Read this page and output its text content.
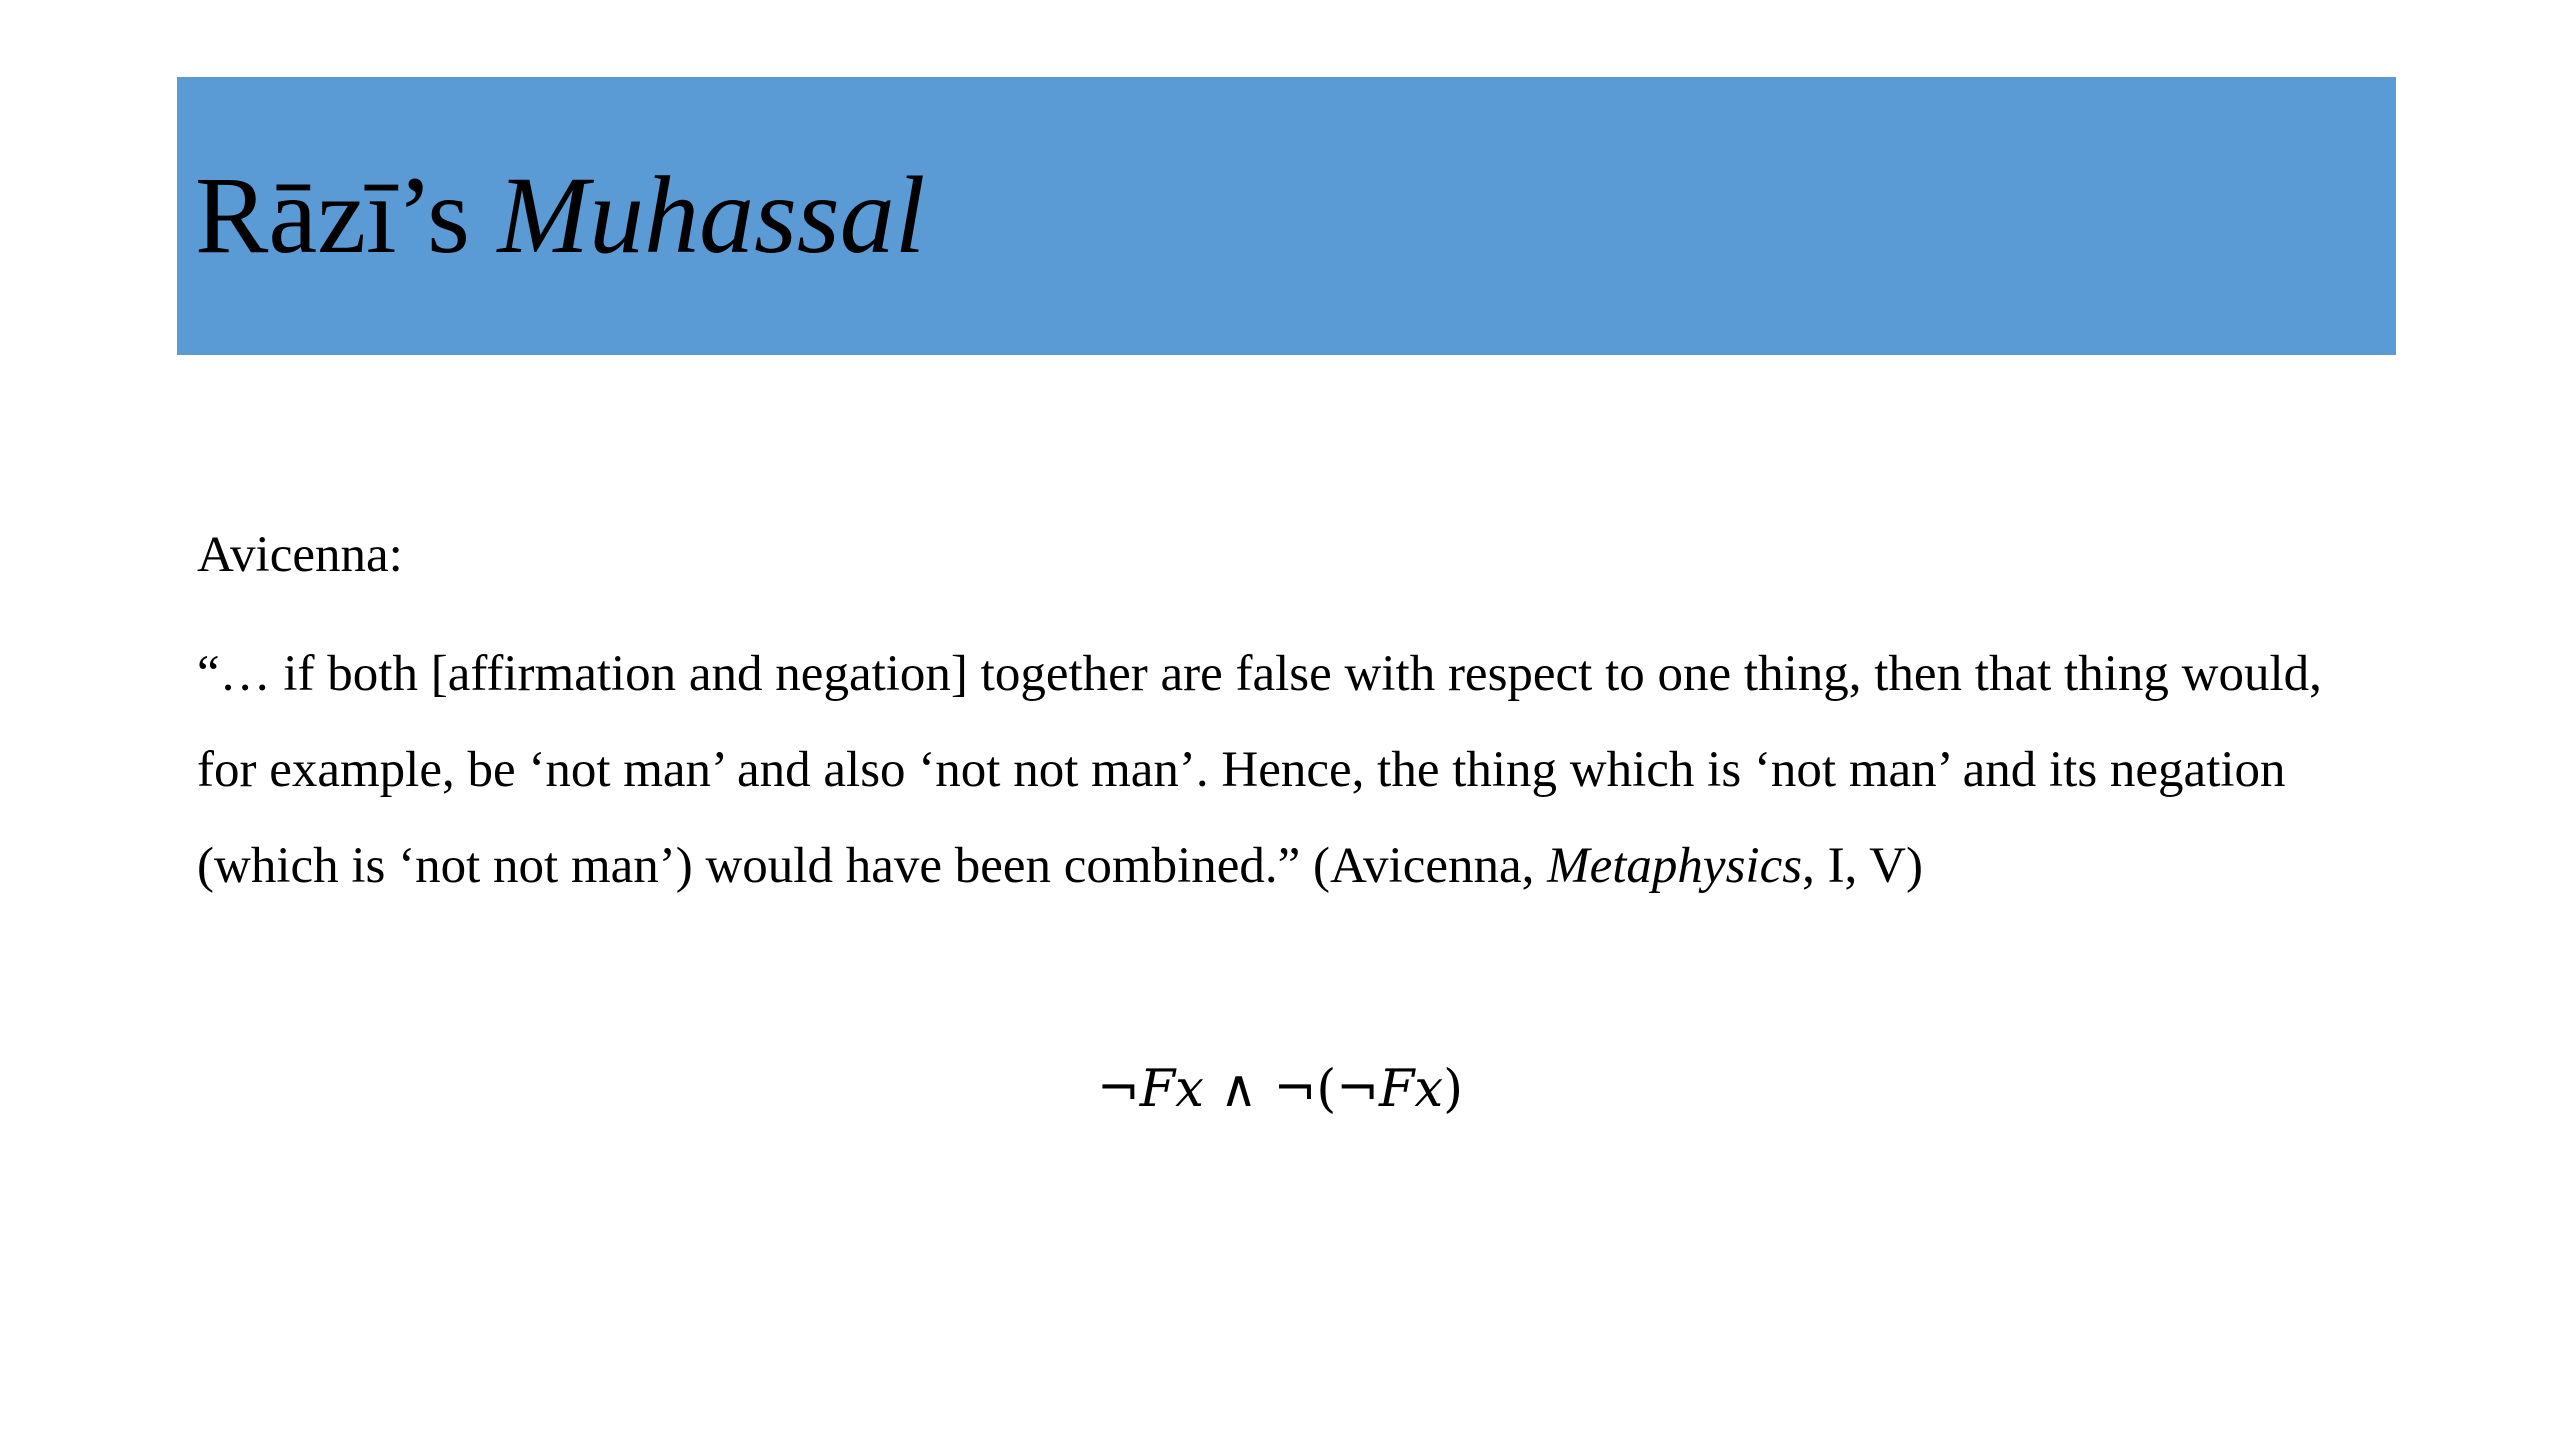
Rāzī’s Muhassal

Avicenna:

“… if both [affirmation and negation] together are false with respect to one thing, then that thing would, for example, be ‘not man’ and also ‘not not man’. Hence, the thing which is ‘not man’ and its negation (which is ‘not not man’) would have been combined.” (Avicenna, Metaphysics, I, V)

¬Fx ∧ ¬(¬Fx)
